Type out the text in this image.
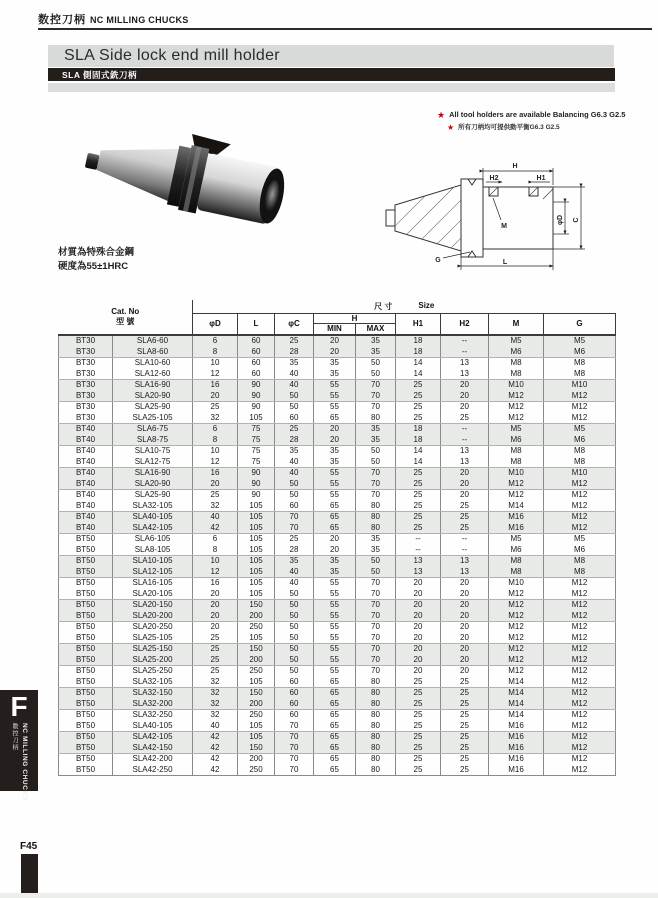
数控刀柄 NC MILLING CHUCKS
SLA Side lock end mill holder
SLA 側固式銑刀柄
★ All tool holders are available Balancing G6.3 G2.5
★ 所有刀柄均可提供動平衡G6.3 G2.5
材質為特殊合金鋼
硬度為55±1HRC
H
H2	H1
M
G
φD C
L
Cat. No
型 號		尺 寸 Size								

		φD	L	φC	H		H1	H2	M	G
					MIN	MAX				
BT30	SLA6-60	6	60	25	20	35	18	--	M5	M5
BT30	SLA8-60	8	60	28	20	35	18	--	M6	M6
BT30	SLA10-60	10	60	35	35	50	14	13	M8	M8
BT30	SLA12-60	12	60	40	35	50	14	13	M8	M8
BT30	SLA16-90	16	90	40	55	70	25	20	M10	M10
BT30	SLA20-90	20	90	50	55	70	25	20	M12	M12
BT30	SLA25-90	25	90	50	55	70	25	20	M12	M12
BT30	SLA25-105	32	105	60	65	80	25	25	M12	M12
BT40	SLA6-75	6	75	25	20	35	18	--	M5	M5
BT40	SLA8-75	8	75	28	20	35	18	--	M6	M6
BT40	SLA10-75	10	75	35	35	50	14	13	M8	M8
BT40	SLA12-75	12	75	40	35	50	14	13	M8	M8
BT40	SLA16-90	16	90	40	55	70	25	20	M10	M10
BT40	SLA20-90	20	90	50	55	70	25	20	M12	M12
BT40	SLA25-90	25	90	50	55	70	25	20	M12	M12
BT40	SLA32-105	32	105	60	65	80	25	25	M14	M12
BT40	SLA40-105	40	105	70	65	80	25	25	M16	M12
BT40	SLA42-105	42	105	70	65	80	25	25	M16	M12
BT50	SLA6-105	6	105	25	20	35	--	--	M5	M5
BT50	SLA8-105	8	105	28	20	35	--	--	M6	M6
BT50	SLA10-105	10	105	35	35	50	13	13	M8	M8
BT50	SLA12-105	12	105	40	35	50	13	13	M8	M8
BT50	SLA16-105	16	105	40	55	70	20	20	M10	M12
BT50	SLA20-105	20	105	50	55	70	20	20	M12	M12
BT50	SLA20-150	20	150	50	55	70	20	20	M12	M12
BT50	SLA20-200	20	200	50	55	70	20	20	M12	M12
BT50	SLA20-250	20	250	50	55	70	20	20	M12	M12
BT50	SLA25-105	25	105	50	55	70	20	20	M12	M12
BT50	SLA25-150	25	150	50	55	70	20	20	M12	M12
BT50	SLA25-200	25	200	50	55	70	20	20	M12	M12
BT50	SLA25-250	25	250	50	55	70	20	20	M12	M12
BT50	SLA32-105	32	105	60	65	80	25	25	M14	M12
BT50	SLA32-150	32	150	60	65	80	25	25	M14	M12
BT50	SLA32-200	32	200	60	65	80	25	25	M14	M12
BT50	SLA32-250	32	250	60	65	80	25	25	M14	M12
BT50	SLA40-105	40	105	70	65	80	25	25	M16	M12
BT50	SLA42-105	42	105	70	65	80	25	25	M16	M12
BT50	SLA42-150	42	150	70	65	80	25	25	M16	M12
BT50	SLA42-200	42	200	70	65	80	25	25	M16	M12
BT50	SLA42-250	42	250	70	65	80	25	25	M16	M12
F
數控刀柄 NC MILLING CHUCKS
F45
